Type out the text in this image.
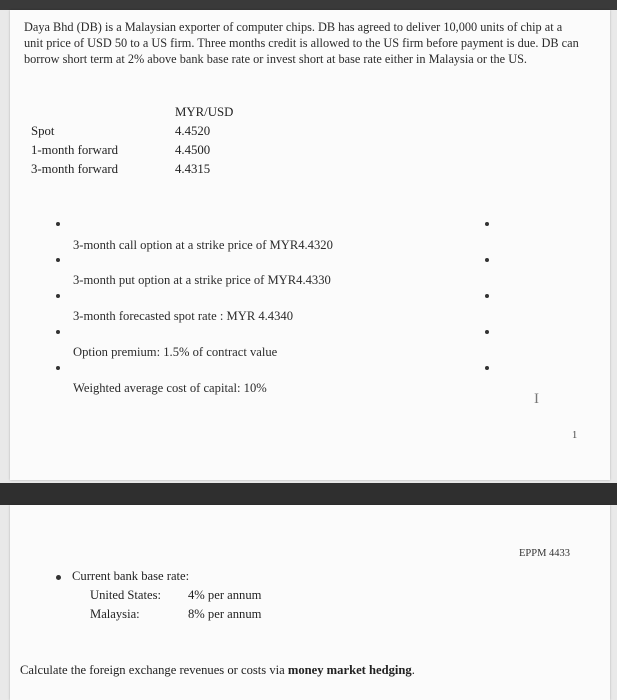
Daya Bhd (DB) is a Malaysian exporter of computer chips. DB has agreed to deliver 10,000 units of chip at a unit price of USD 50 to a US firm. Three months credit is allowed to the US firm before payment is due. DB can borrow short term at 2% above bank base rate or invest short at base rate either in Malaysia or the US.
MYR/USD
Spot	4.4520
1-month forward	4.4500
3-month forward	4.4315
3-month call option at a strike price of MYR4.4320
3-month put option at a strike price of MYR4.4330
3-month forecasted spot rate : MYR 4.4340
Option premium: 1.5% of contract value
Weighted average cost of capital: 10%
I
1
EPPM 4433
Current bank base rate:
United States: 4% per annum
Malaysia:	8% per annum
Calculate the foreign exchange revenues or costs via money market hedging.
